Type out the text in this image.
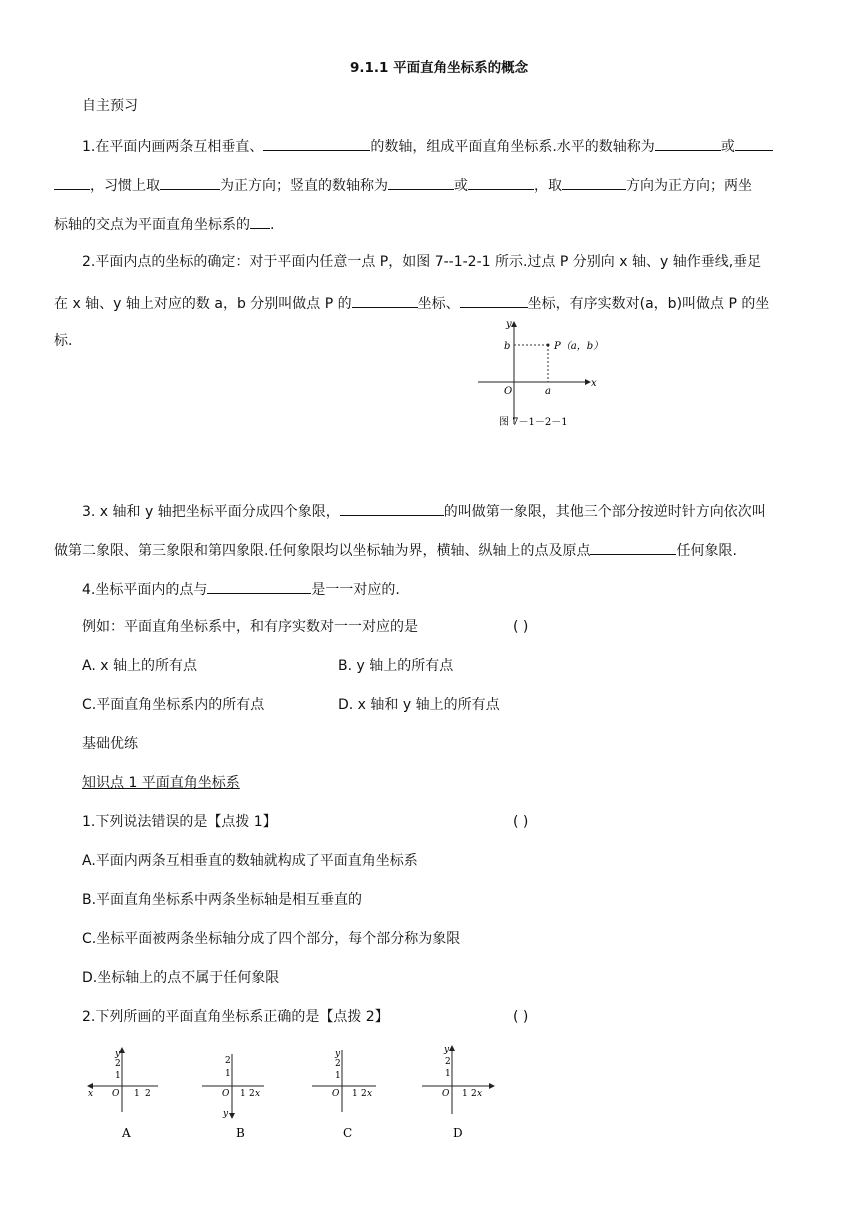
9.1.1 平面直角坐标系的概念
自主预习
1.在平面内画两条互相垂直、	的数轴，组成平面直角坐标系.水平的数轴称为	或
，习惯上取	为正方向；竖直的数轴称为	或	，取	方向为正方向；两坐
标轴的交点为平面直角坐标系的 .
2.平面内点的坐标的确定：对于平面内任意一点 P，如图 7--1-2-1 所示.过点 P 分别向 x 轴、y 轴作垂线,垂足
在 x 轴、y 轴上对应的数 a，b 分别叫做点 P 的	坐标、	坐标，有序实数对(a，b)叫做点 P 的坐
标.
y
x
b
a
O
P（a，b）
图 7－1－2－1
3. x 轴和 y 轴把坐标平面分成四个象限，	的叫做第一象限，其他三个部分按逆时针方向依次叫
做第二象限、第三象限和第四象限.任何象限均以坐标轴为界，横轴、纵轴上的点及原点	任何象限.
4.坐标平面内的点与	是一一对应的.
例如：平面直角坐标系中，和有序实数对一一对应的是	( )
A. x 轴上的所有点	B. y 轴上的所有点
C.平面直角坐标系内的所有点	D. x 轴和 y 轴上的所有点
基础优练
知识点 1 平面直角坐标系
1.下列说法错误的是【点拨 1】	( )
A.平面内两条互相垂直的数轴就构成了平面直角坐标系
B.平面直角坐标系中两条坐标轴是相互垂直的
C.坐标平面被两条坐标轴分成了四个部分，每个部分称为象限
D.坐标轴上的点不属于任何象限
2.下列所画的平面直角坐标系正确的是【点拨 2】	( )
y
2
1
O 1 2
x
A
2
1
O 1 2 x
y
B
y
2
1
O 1 2 x
C
y
2
1
O 1 2 x
D
